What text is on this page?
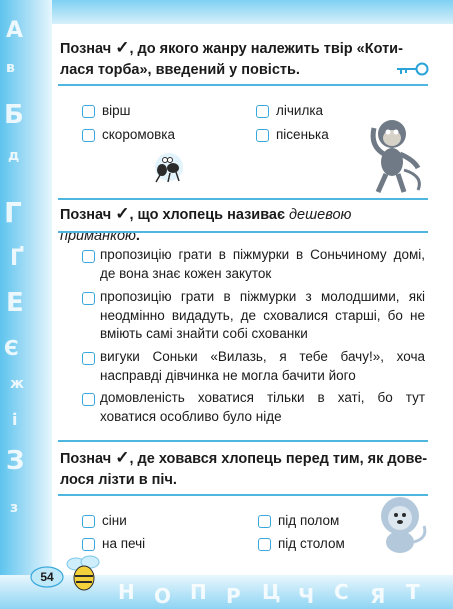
А
в
Б
д
Г
Ґ
Е
Є
ж
і
З
з
Н О П Р Ц Ч С Я Т
Познач ✓, до якого жанру належить твір «Коти-
лася торба», введений у повість.
вірш
скоромовка
лічилка
пісенька
Познач ✓, що хлопець називає дешевою приманкою.
пропозицію грати в піжмурки в Соньчиному домі, де вона знає кожен закуток
пропозицію грати в піжмурки з молодшими, які неодмінно видадуть, де сховалися старші, бо не вміють самі знайти собі схованки
вигуки Соньки «Вилазь, я тебе бачу!», хоча насправді дівчинка не могла бачити його
домовленість ховатися тільки в хаті, бо тут ховатися особливо було ніде
Познач ✓, де ховався хлопець перед тим, як дове-
лося лізти в піч.
сіни
на печі
під полом
під столом
54
